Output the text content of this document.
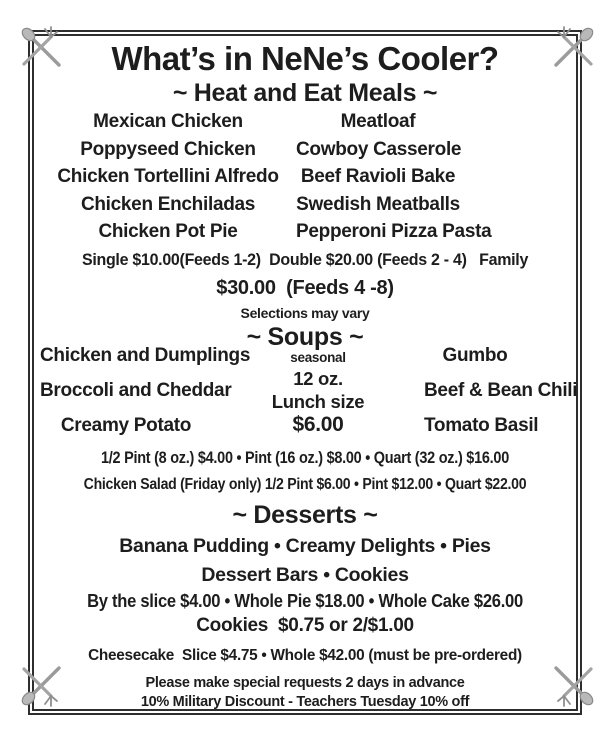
What’s in NeNe’s Cooler?
~ Heat and Eat Meals ~
Mexican Chicken
Poppyseed Chicken
Chicken Tortellini Alfredo
Chicken Enchiladas
Chicken Pot Pie
Meatloaf
Cowboy Casserole
Beef Ravioli Bake
Swedish Meatballs
Pepperoni Pizza Pasta
Single $10.00(Feeds 1-2)  Double $20.00 (Feeds 2 - 4)   Family
$30.00  (Feeds 4 -8)
Selections may vary
~ Soups ~
Chicken and Dumplings
Broccoli and Cheddar
Creamy Potato
seasonal
12 oz.
Lunch size
$6.00
Gumbo
Beef & Bean Chili
Tomato Basil
1/2 Pint (8 oz.) $4.00 • Pint (16 oz.) $8.00 • Quart (32 oz.) $16.00
Chicken Salad (Friday only) 1/2 Pint $6.00 • Pint $12.00 • Quart $22.00
~ Desserts ~
Banana Pudding • Creamy Delights • Pies
Dessert Bars • Cookies
By the slice $4.00 • Whole Pie $18.00 • Whole Cake $26.00
Cookies  $0.75 or 2/$1.00
Cheesecake  Slice $4.75 • Whole $42.00 (must be pre-ordered)
Please make special requests 2 days in advance
10% Military Discount - Teachers Tuesday 10% off
